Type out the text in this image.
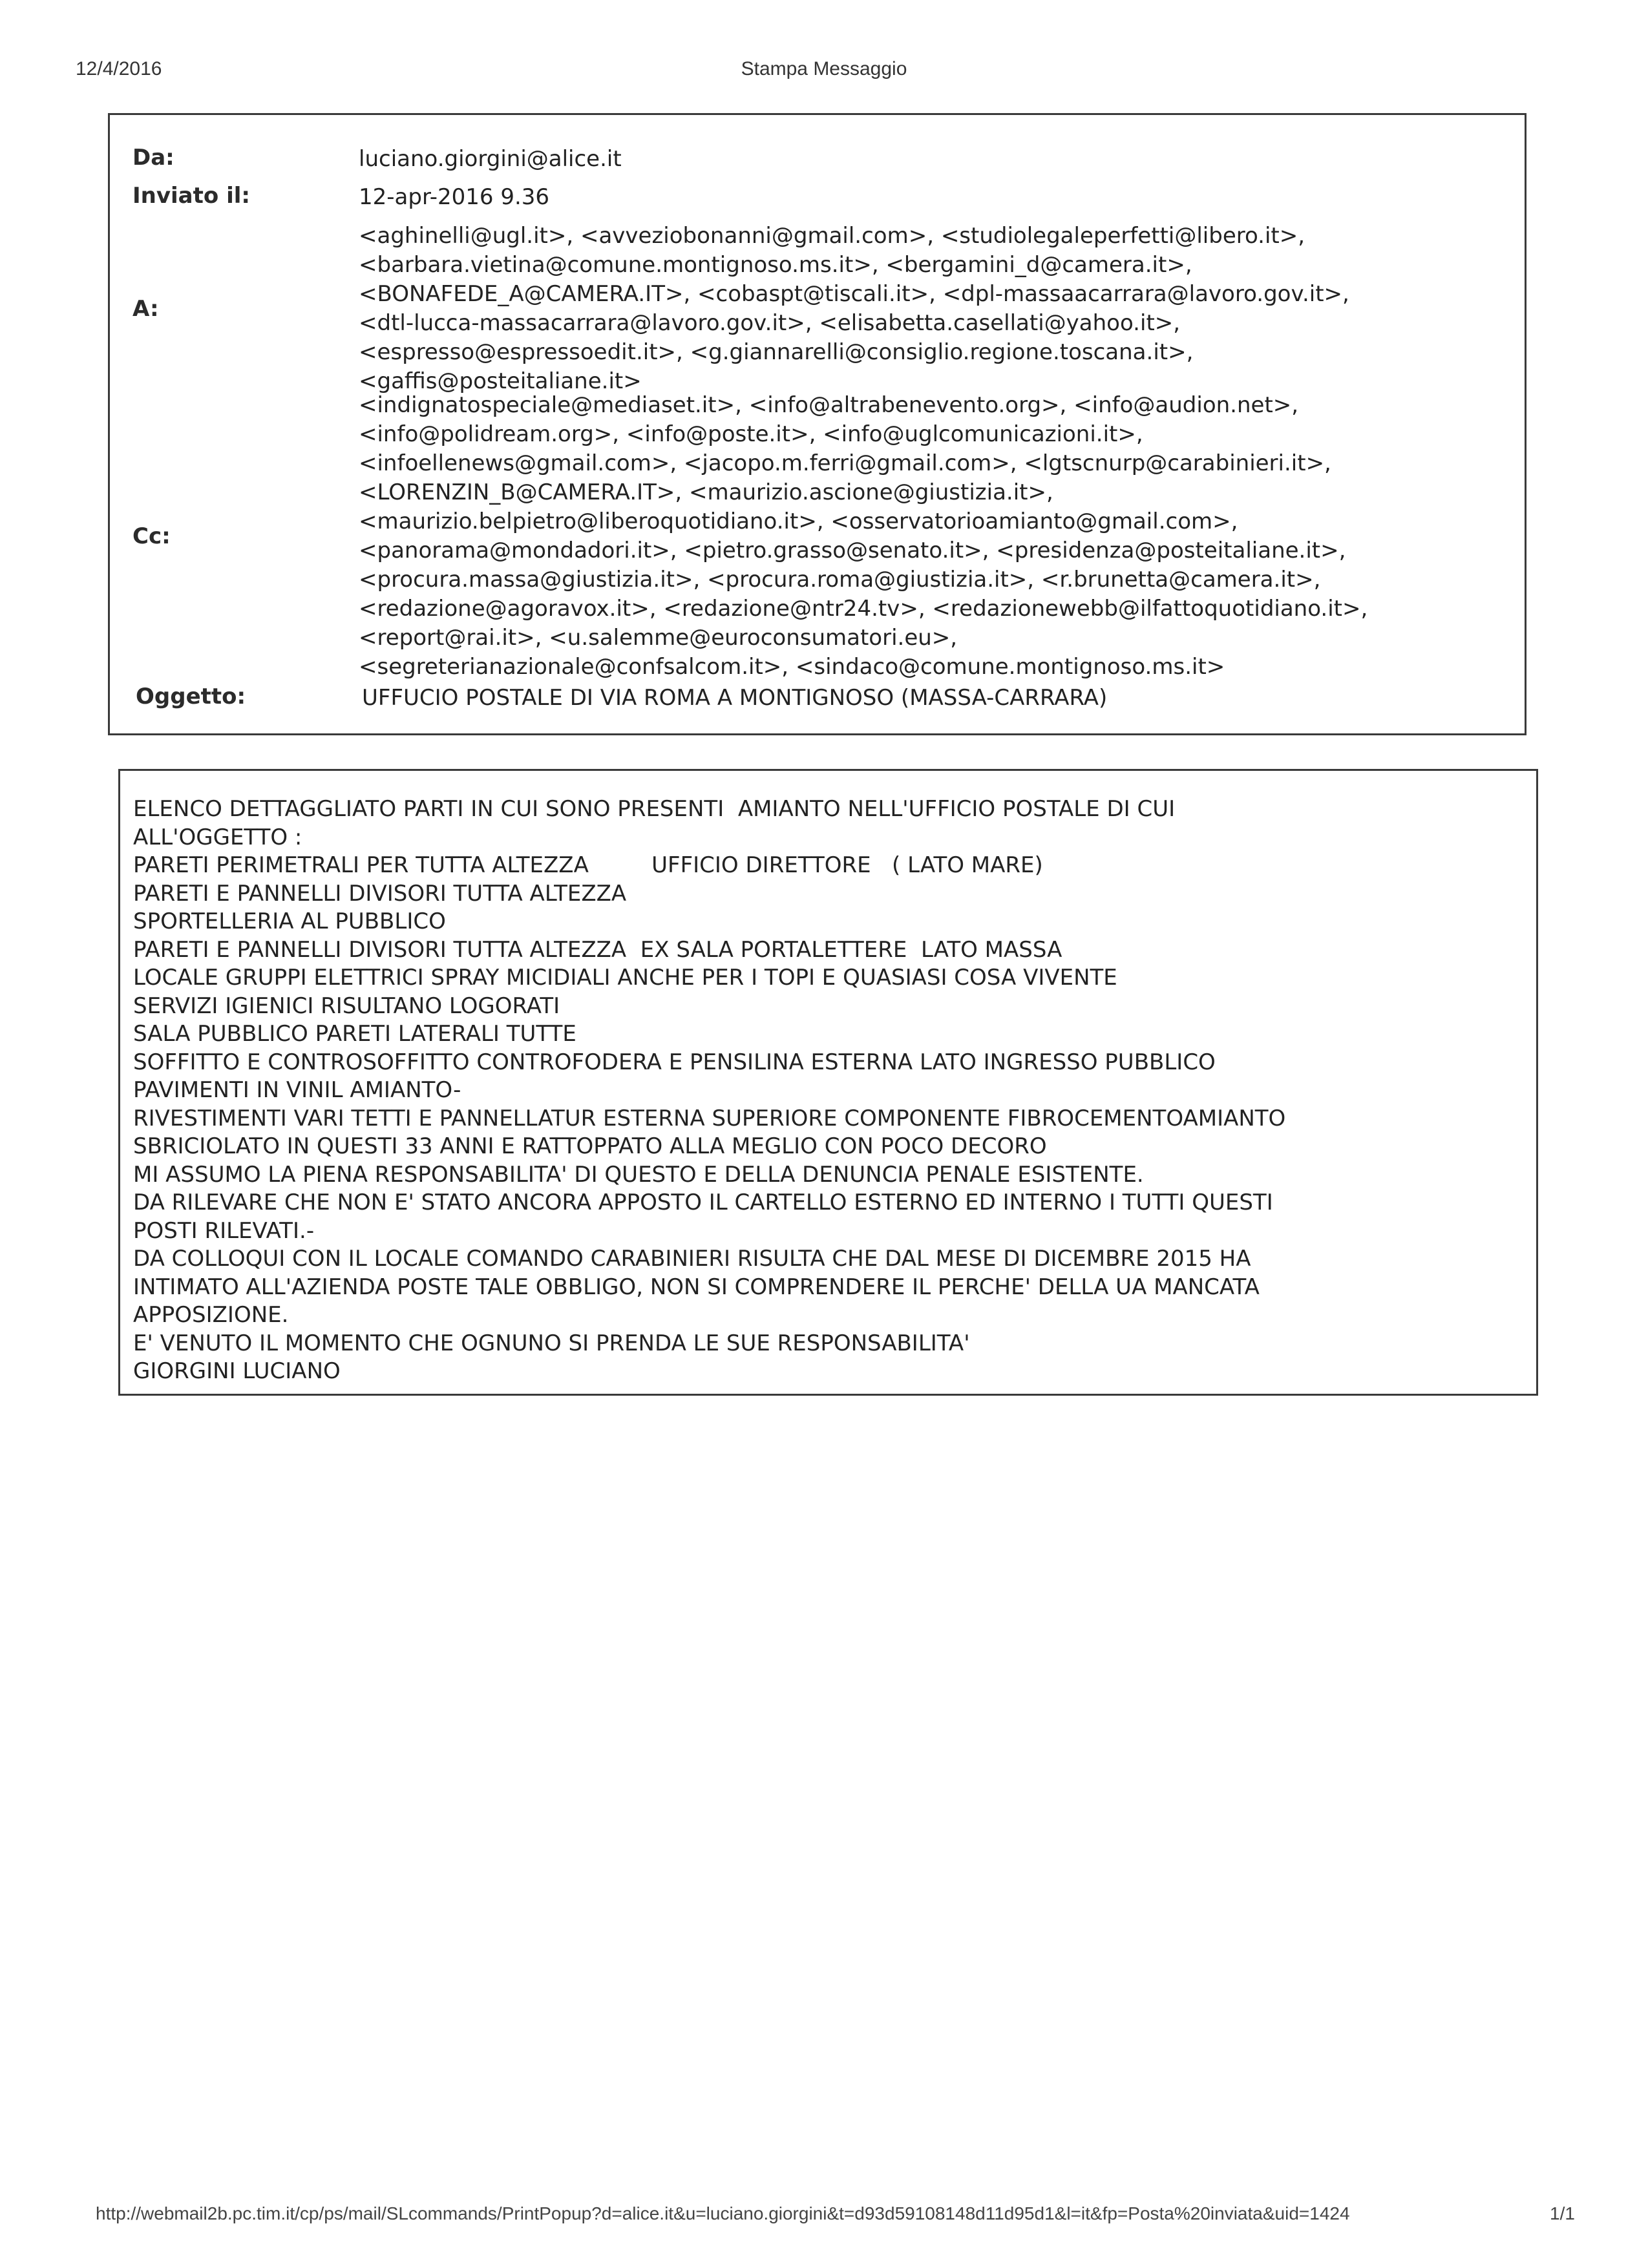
12/4/2016	Stampa Messaggio
Da:	luciano.giorgini@alice.it
Inviato il:	12-apr-2016 9.36
A:
<aghinelli@ugl.it>, <avveziobonanni@gmail.com>, <studiolegaleperfetti@libero.it>,
<barbara.vietina@comune.montignoso.ms.it>, <bergamini_d@camera.it>,
<BONAFEDE_A@CAMERA.IT>, <cobaspt@tiscali.it>, <dpl-massaacarrara@lavoro.gov.it>,
<dtl-lucca-massacarrara@lavoro.gov.it>, <elisabetta.casellati@yahoo.it>,
<espresso@espressoedit.it>, <g.giannarelli@consiglio.regione.toscana.it>,
<gaffis@posteitaliane.it>
Cc:
<indignatospeciale@mediaset.it>, <info@altrabenevento.org>, <info@audion.net>,
<info@polidream.org>, <info@poste.it>, <info@uglcomunicazioni.it>,
<infoellenews@gmail.com>, <jacopo.m.ferri@gmail.com>, <lgtscnurp@carabinieri.it>,
<LORENZIN_B@CAMERA.IT>, <maurizio.ascione@giustizia.it>,
<maurizio.belpietro@liberoquotidiano.it>, <osservatorioamianto@gmail.com>,
<panorama@mondadori.it>, <pietro.grasso@senato.it>, <presidenza@posteitaliane.it>,
<procura.massa@giustizia.it>, <procura.roma@giustizia.it>, <r.brunetta@camera.it>,
<redazione@agoravox.it>, <redazione@ntr24.tv>, <redazionewebb@ilfattoquotidiano.it>,
<report@rai.it>, <u.salemme@euroconsumatori.eu>,
<segreterianazionale@confsalcom.it>, <sindaco@comune.montignoso.ms.it>
Oggetto:	UFFUCIO POSTALE DI VIA ROMA A MONTIGNOSO (MASSA-CARRARA)
ELENCO DETTAGGLIATO PARTI IN CUI SONO PRESENTI  AMIANTO NELL'UFFICIO POSTALE DI CUI
ALL'OGGETTO :
PARETI PERIMETRALI PER TUTTA ALTEZZA         UFFICIO DIRETTORE   ( LATO MARE)
PARETI E PANNELLI DIVISORI TUTTA ALTEZZA
SPORTELLERIA AL PUBBLICO
PARETI E PANNELLI DIVISORI TUTTA ALTEZZA  EX SALA PORTALETTERE  LATO MASSA
LOCALE GRUPPI ELETTRICI SPRAY MICIDIALI ANCHE PER I TOPI E QUASIASI COSA VIVENTE
SERVIZI IGIENICI RISULTANO LOGORATI
SALA PUBBLICO PARETI LATERALI TUTTE
SOFFITTO E CONTROSOFFITTO CONTROFODERA E PENSILINA ESTERNA LATO INGRESSO PUBBLICO
PAVIMENTI IN VINIL AMIANTO-
RIVESTIMENTI VARI TETTI E PANNELLATUR ESTERNA SUPERIORE COMPONENTE FIBROCEMENTOAMIANTO
SBRICIOLATO IN QUESTI 33 ANNI E RATTOPPATO ALLA MEGLIO CON POCO DECORO
MI ASSUMO LA PIENA RESPONSABILITA' DI QUESTO E DELLA DENUNCIA PENALE ESISTENTE.
DA RILEVARE CHE NON E' STATO ANCORA APPOSTO IL CARTELLO ESTERNO ED INTERNO I TUTTI QUESTI
POSTI RILEVATI.-
DA COLLOQUI CON IL LOCALE COMANDO CARABINIERI RISULTA CHE DAL MESE DI DICEMBRE 2015 HA
INTIMATO ALL'AZIENDA POSTE TALE OBBLIGO, NON SI COMPRENDERE IL PERCHE' DELLA UA MANCATA
APPOSIZIONE.
E' VENUTO IL MOMENTO CHE OGNUNO SI PRENDA LE SUE RESPONSABILITA'
GIORGINI LUCIANO
http://webmail2b.pc.tim.it/cp/ps/mail/SLcommands/PrintPopup?d=alice.it&u=luciano.giorgini&t=d93d59108148d11d95d1&l=it&fp=Posta%20inviata&uid=1424	1/1
